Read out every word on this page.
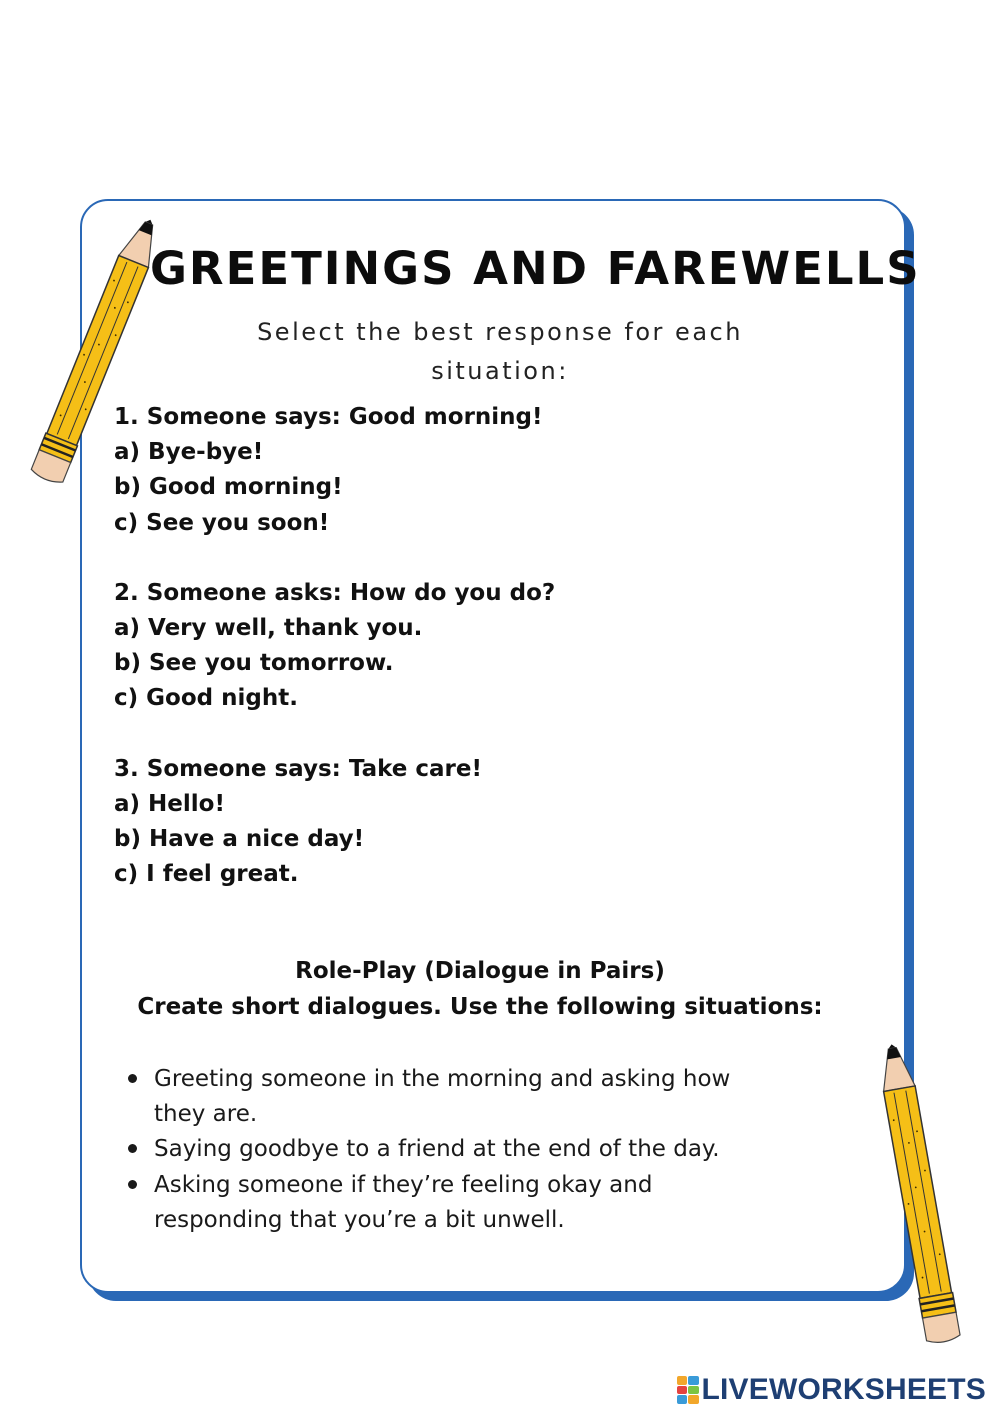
GREETINGS AND FAREWELLS
Select the best response for each
situation:
1. Someone says: Good morning!
a) Bye-bye!
b) Good morning!
c) See you soon!
2. Someone asks: How do you do?
a) Very well, thank you.
b) See you tomorrow.
c) Good night.
3. Someone says: Take care!
a) Hello!
b) Have a nice day!
c) I feel great.
Role-Play (Dialogue in Pairs)
Create short dialogues. Use the following situations:
Greeting someone in the morning and asking how
they are.
Saying goodbye to a friend at the end of the day.
Asking someone if they’re feeling okay and
responding that you’re a bit unwell.
LIVEWORKSHEETS
